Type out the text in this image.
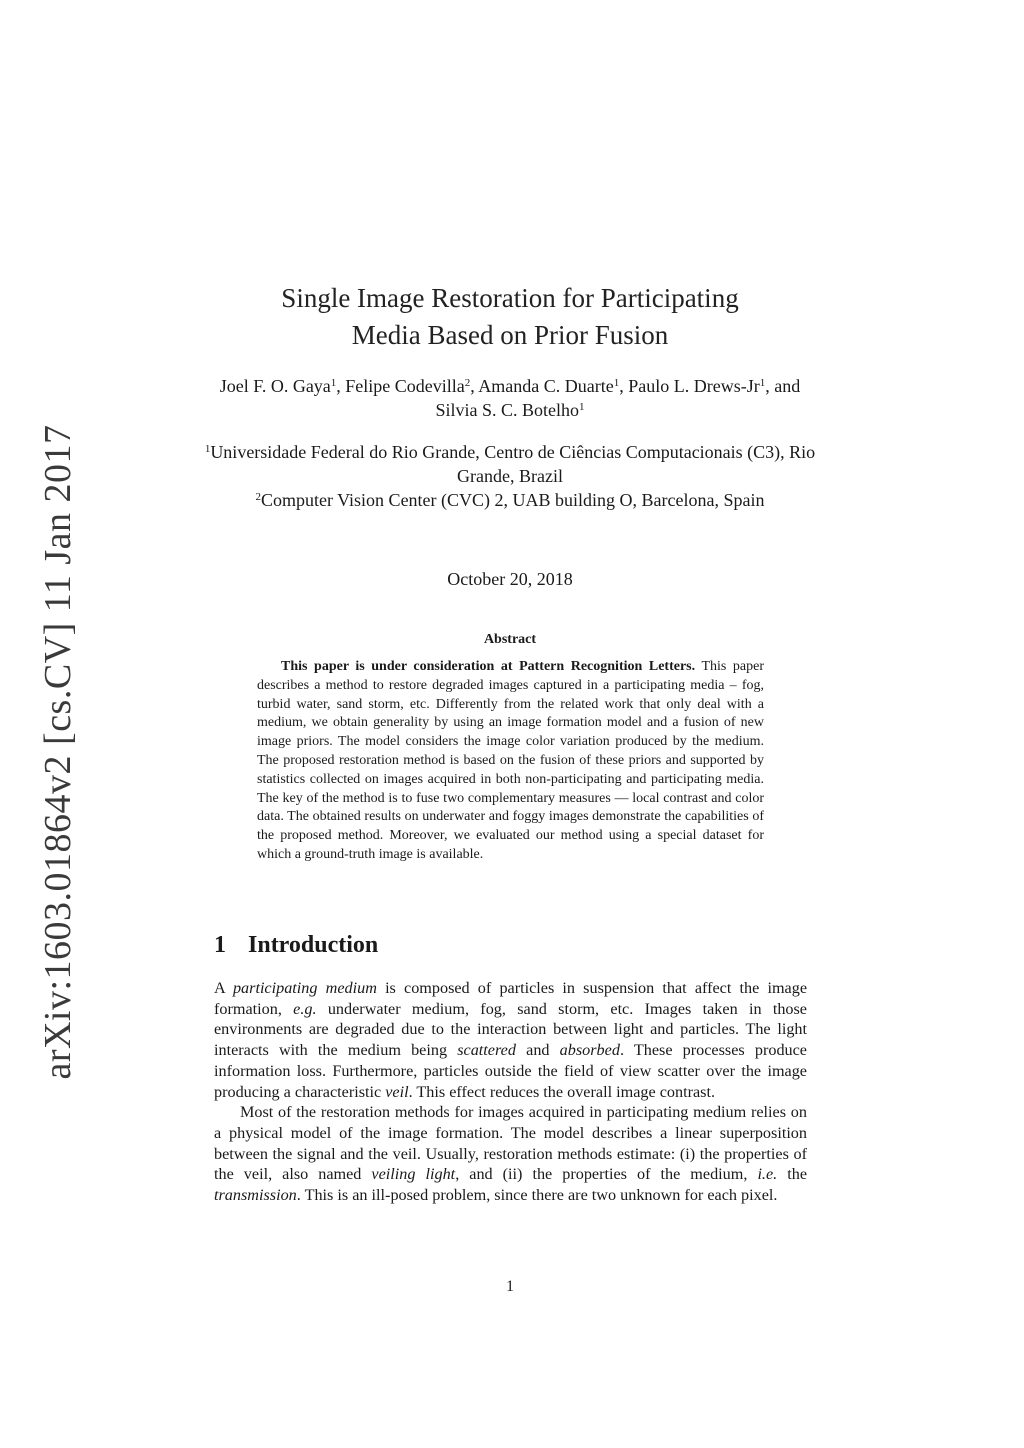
arXiv:1603.01864v2 [cs.CV] 11 Jan 2017
Single Image Restoration for Participating
Media Based on Prior Fusion
Joel F. O. Gaya$^1$, Felipe Codevilla$^2$, Amanda C. Duarte$^1$, Paulo L. Drews-Jr$^1$, and Silvia S. C. Botelho$^1$
$^1$Universidade Federal do Rio Grande, Centro de Ciências Computacionais (C3), Rio Grande, Brazil
$^2$Computer Vision Center (CVC) 2, UAB building O, Barcelona, Spain
October 20, 2018
Abstract
This paper is under consideration at Pattern Recognition Letters. This paper describes a method to restore degraded images captured in a participating media – fog, turbid water, sand storm, etc. Differently from the related work that only deal with a medium, we obtain generality by using an image formation model and a fusion of new image priors. The model considers the image color variation produced by the medium. The proposed restoration method is based on the fusion of these priors and supported by statistics collected on images acquired in both non-participating and participating media. The key of the method is to fuse two complementary measures — local contrast and color data. The obtained results on underwater and foggy images demonstrate the capabilities of the proposed method. Moreover, we evaluated our method using a special dataset for which a ground-truth image is available.
1 Introduction

A participating medium is composed of particles in suspension that affect the image formation, e.g. underwater medium, fog, sand storm, etc. Images taken in those environments are degraded due to the interaction between light and particles. The light interacts with the medium being scattered and absorbed. These processes produce information loss. Furthermore, particles outside the field of view scatter over the image producing a characteristic veil. This effect reduces the overall image contrast.

Most of the restoration methods for images acquired in participating medium relies on a physical model of the image formation. The model describes a linear superposition between the signal and the veil. Usually, restoration methods estimate: (i) the properties of the veil, also named veiling light, and (ii) the properties of the medium, i.e. the transmission. This is an ill-posed problem, since there are two unknown for each pixel.

1
